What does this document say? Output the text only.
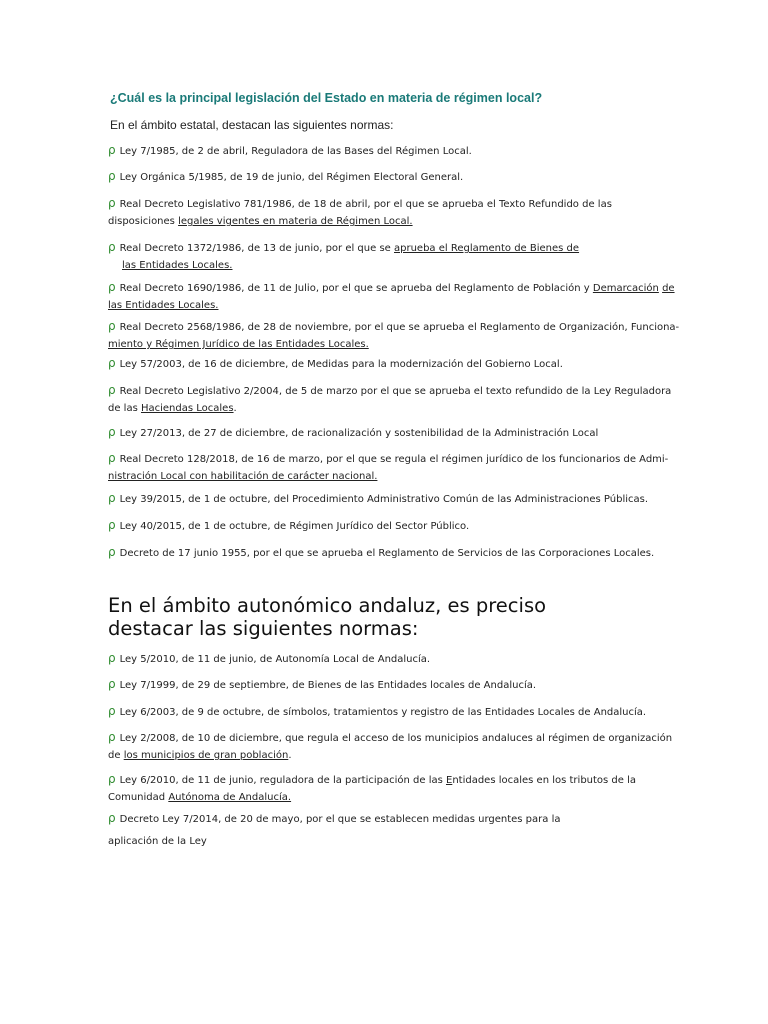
¿Cuál es la principal legislación del Estado en materia de régimen local?
En el ámbito estatal, destacan las siguientes normas:
ρ Ley 7/1985, de 2 de abril, Reguladora de las Bases del Régimen Local.
ρ Ley Orgánica 5/1985, de 19 de junio, del Régimen Electoral General.
ρ Real Decreto Legislativo 781/1986, de 18 de abril, por el que se aprueba el Texto Refundido de las
disposiciones legales vigentes en materia de Régimen Local.
ρ Real Decreto 1372/1986, de 13 de junio, por el que se aprueba el Reglamento de Bienes de
las Entidades Locales.
ρ Real Decreto 1690/1986, de 11 de Julio, por el que se aprueba del Reglamento de Población y Demarcación de
las Entidades Locales.
ρ Real Decreto 2568/1986, de 28 de noviembre, por el que se aprueba el Reglamento de Organización, Funciona-
miento y Régimen Jurídico de las Entidades Locales.
ρ Ley 57/2003, de 16 de diciembre, de Medidas para la modernización del Gobierno Local.
ρ Real Decreto Legislativo 2/2004, de 5 de marzo por el que se aprueba el texto refundido de la Ley Reguladora
de las Haciendas Locales.
ρ Ley 27/2013, de 27 de diciembre, de racionalización y sostenibilidad de la Administración Local
ρ Real Decreto 128/2018, de 16 de marzo, por el que se regula el régimen jurídico de los funcionarios de Admi-
nistración Local con habilitación de carácter nacional.
ρ Ley 39/2015, de 1 de octubre, del Procedimiento Administrativo Común de las Administraciones Públicas.
ρ Ley 40/2015, de 1 de octubre, de Régimen Jurídico del Sector Público.
ρ Decreto de 17 junio 1955, por el que se aprueba el Reglamento de Servicios de las Corporaciones Locales.
En el ámbito autonómico andaluz, es preciso
destacar las siguientes normas:
ρ Ley 5/2010, de 11 de junio, de Autonomía Local de Andalucía.
ρ Ley 7/1999, de 29 de septiembre, de Bienes de las Entidades locales de Andalucía.
ρ Ley 6/2003, de 9 de octubre, de símbolos, tratamientos y registro de las Entidades Locales de Andalucía.
ρ Ley 2/2008, de 10 de diciembre, que regula el acceso de los municipios andaluces al régimen de organización
de los municipios de gran población.
ρ Ley 6/2010, de 11 de junio, reguladora de la participación de las Entidades locales en los tributos de la
Comunidad Autónoma de Andalucía.
ρ Decreto Ley 7/2014, de 20 de mayo, por el que se establecen medidas urgentes para la
aplicación de la Ley
